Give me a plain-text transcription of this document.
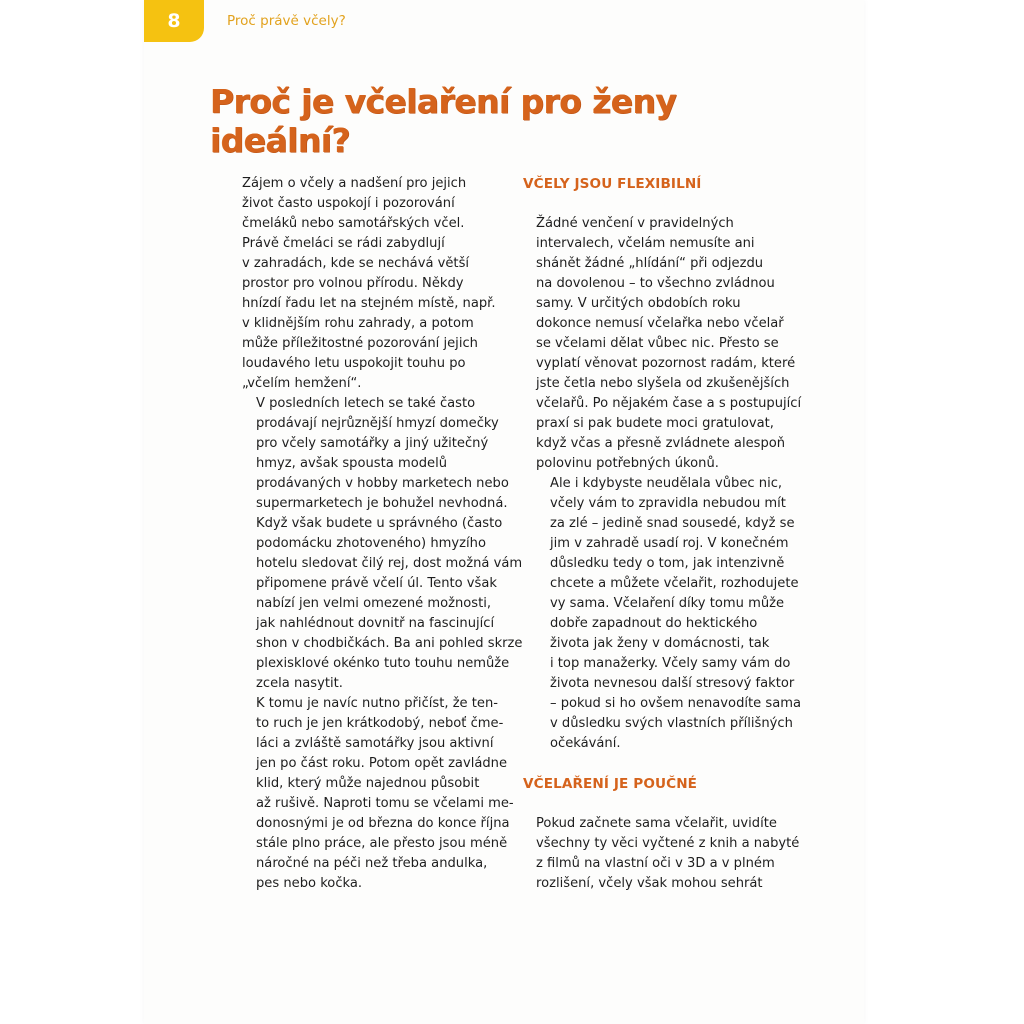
8	Proč právě včely?
Proč je včelaření pro ženy ideální?

Zájem o včely a nadšení pro jejich
život často uspokojí i pozorování
čmeláků nebo samotářských včel.
Právě čmeláci se rádi zabydlují
v zahradách, kde se nechává větší
prostor pro volnou přírodu. Někdy
hnízdí řadu let na stejném místě, např.
v klidnějším rohu zahrady, a potom
může příležitostné pozorování jejich
loudavého letu uspokojit touhu po
„včelím hemžení“.

V posledních letech se také často
prodávají nejrůznější hmyzí domečky
pro včely samotářky a jiný užitečný
hmyz, avšak spousta modelů
prodávaných v hobby marketech nebo
supermarketech je bohužel nevhodná.
Když však budete u správného (často
podomácku zhotoveného) hmyzího
hotelu sledovat čilý rej, dost možná vám
připomene právě včelí úl. Tento však
nabízí jen velmi omezené možnosti,
jak nahlédnout dovnitř na fascinující
shon v chodbičkách. Ba ani pohled skrze
plexisklové okénko tuto touhu nemůže
zcela nasytit.

K tomu je navíc nutno přičíst, že ten-
to ruch je jen krátkodobý, neboť čme-
láci a zvláště samotářky jsou aktivní
jen po část roku. Potom opět zavládne
klid, který může najednou působit
až rušivě. Naproti tomu se včelami me-
donosnými je od března do konce října
stále plno práce, ale přesto jsou méně
náročné na péči než třeba andulka,
pes nebo kočka.

VČELY JSOU FLEXIBILNÍ

Žádné venčení v pravidelných
intervalech, včelám nemusíte ani
shánět žádné „hlídání“ při odjezdu
na dovolenou – to všechno zvládnou
samy. V určitých obdobích roku
dokonce nemusí včelařka nebo včelař
se včelami dělat vůbec nic. Přesto se
vyplatí věnovat pozornost radám, které
jste četla nebo slyšela od zkušenějších
včelařů. Po nějakém čase a s postupující
praxí si pak budete moci gratulovat,
když včas a přesně zvládnete alespoň
polovinu potřebných úkonů.

Ale i kdybyste neudělala vůbec nic,
včely vám to zpravidla nebudou mít
za zlé – jedině snad sousedé, když se
jim v zahradě usadí roj. V konečném
důsledku tedy o tom, jak intenzivně
chcete a můžete včelařit, rozhodujete
vy sama. Včelaření díky tomu může
dobře zapadnout do hektického
života jak ženy v domácnosti, tak
i top manažerky. Včely samy vám do
života nevnesou další stresový faktor
– pokud si ho ovšem nenavodíte sama
v důsledku svých vlastních přílišných
očekávání.

VČELAŘENÍ JE POUČNÉ

Pokud začnete sama včelařit, uvidíte
všechny ty věci vyčtené z knih a nabyté
z filmů na vlastní oči v 3D a v plném
rozlišení, včely však mohou sehrát
